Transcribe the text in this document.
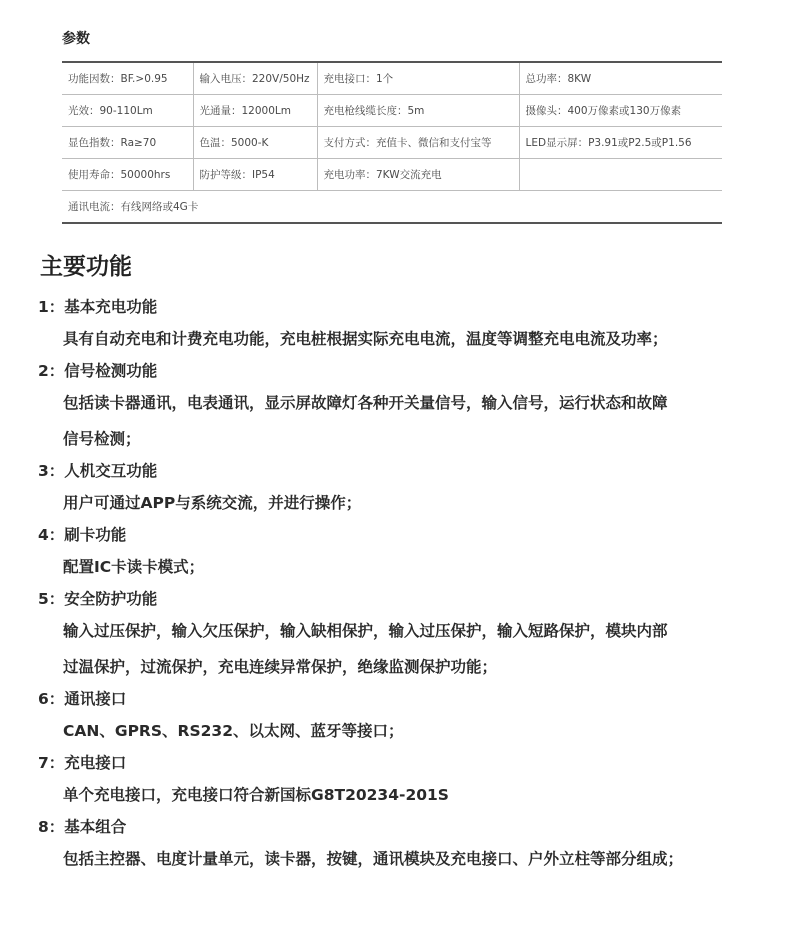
参数
功能因数：BF.>0.95	输入电压：220V/50Hz	充电接口：1个	总功率：8KW
光效：90-110Lm	光通量：12000Lm	充电枪线缆长度：5m	摄像头：400万像素或130万像素
显色指数：Ra≥70	色温：5000-K	支付方式：充值卡、微信和支付宝等	LED显示屏：P3.91或P2.5或P1.56
使用寿命：50000hrs	防护等级：IP54	充电功率：7KW交流充电	
通讯电流：有线网络或4G卡			
主要功能
1：基本充电功能

具有自动充电和计费充电功能，充电桩根据实际充电电流，温度等调整充电电流及功率；

2：信号检测功能

包括读卡器通讯，电表通讯，显示屏故障灯各种开关量信号，输入信号，运行状态和故障

信号检测；

3：人机交互功能

用户可通过APP与系统交流，并进行操作；

4：刷卡功能

配置IC卡读卡模式；

5：安全防护功能

输入过压保护，输入欠压保护，输入缺相保护，输入过压保护，输入短路保护，模块内部

过温保护，过流保护，充电连续异常保护，绝缘监测保护功能；

6：通讯接口

CAN、GPRS、RS232、以太网、蓝牙等接口；

7：充电接口

单个充电接口，充电接口符合新国标G8T20234-201S

8：基本组合

包括主控器、电度计量单元，读卡器，按键，通讯模块及充电接口、户外立柱等部分组成；
